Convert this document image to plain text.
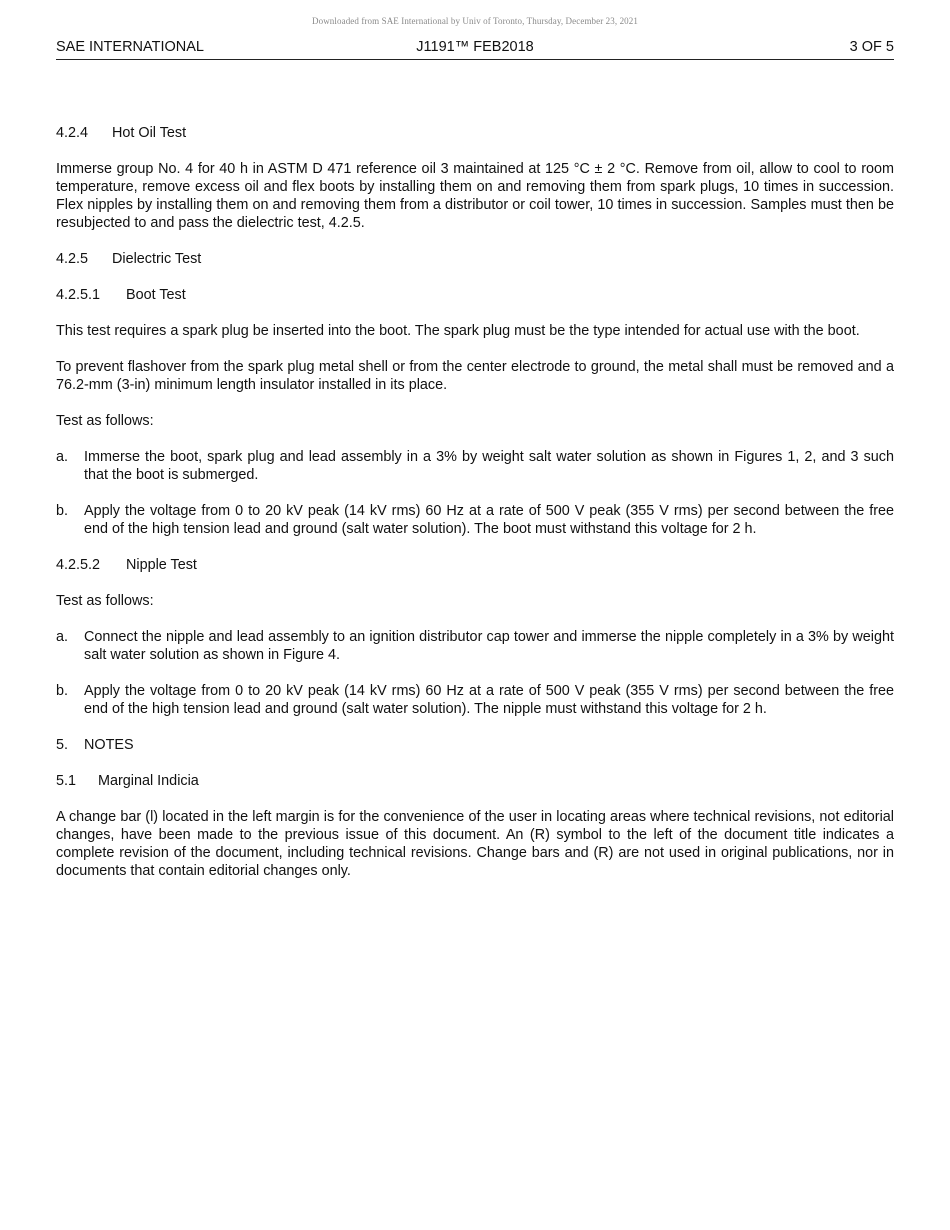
Downloaded from SAE International by Univ of Toronto, Thursday, December 23, 2021
SAE INTERNATIONAL	J1191™ FEB2018	3 OF 5
4.2.4 Hot Oil Test

Immerse group No. 4 for 40 h in ASTM D 471 reference oil 3 maintained at 125 °C ± 2 °C. Remove from oil, allow to cool to room temperature, remove excess oil and flex boots by installing them on and removing them from spark plugs, 10 times in succession. Flex nipples by installing them on and removing them from a distributor or coil tower, 10 times in succession. Samples must then be resubjected to and pass the dielectric test, 4.2.5.

4.2.5 Dielectric Test
4.2.5.1 Boot Test

This test requires a spark plug be inserted into the boot. The spark plug must be the type intended for actual use with the boot.

To prevent flashover from the spark plug metal shell or from the center electrode to ground, the metal shall must be removed and a 76.2-mm (3-in) minimum length insulator installed in its place.

Test as follows:

a. Immerse the boot, spark plug and lead assembly in a 3% by weight salt water solution as shown in Figures 1, 2, and 3 such that the boot is submerged.
b. Apply the voltage from 0 to 20 kV peak (14 kV rms) 60 Hz at a rate of 500 V peak (355 V rms) per second between the free end of the high tension lead and ground (salt water solution). The boot must withstand this voltage for 2 h.
4.2.5.2 Nipple Test

Test as follows:

a. Connect the nipple and lead assembly to an ignition distributor cap tower and immerse the nipple completely in a 3% by weight salt water solution as shown in Figure 4.
b. Apply the voltage from 0 to 20 kV peak (14 kV rms) 60 Hz at a rate of 500 V peak (355 V rms) per second between the free end of the high tension lead and ground (salt water solution). The nipple must withstand this voltage for 2 h.
5. NOTES
5.1 Marginal Indicia

A change bar (l) located in the left margin is for the convenience of the user in locating areas where technical revisions, not editorial changes, have been made to the previous issue of this document. An (R) symbol to the left of the document title indicates a complete revision of the document, including technical revisions. Change bars and (R) are not used in original publications, nor in documents that contain editorial changes only.
